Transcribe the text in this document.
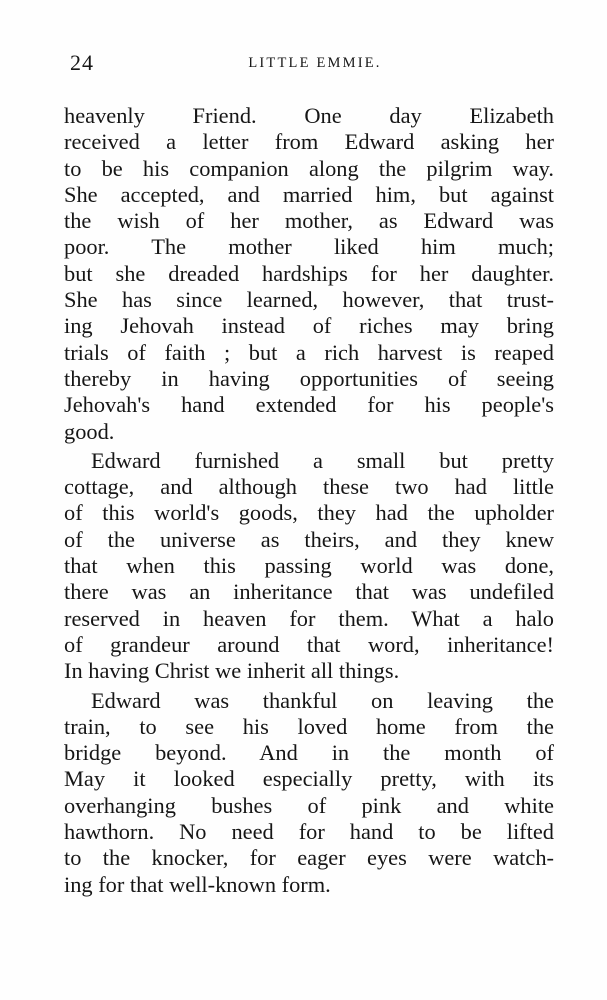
24	LITTLE EMMIE.
heavenly Friend. One day Elizabeth
received a letter from Edward asking her
to be his companion along the pilgrim way.
She accepted, and married him, but against
the wish of her mother, as Edward was
poor. The mother liked him much;
but she dreaded hardships for her daughter.
She has since learned, however, that trust-
ing Jehovah instead of riches may bring
trials of faith ; but a rich harvest is reaped
thereby in having opportunities of seeing
Jehovah's hand extended for his people's
good.
Edward furnished a small but pretty
cottage, and although these two had little
of this world's goods, they had the upholder
of the universe as theirs, and they knew
that when this passing world was done,
there was an inheritance that was undefiled
reserved in heaven for them. What a halo
of grandeur around that word, inheritance!
In having Christ we inherit all things.
Edward was thankful on leaving the
train, to see his loved home from the
bridge beyond. And in the month of
May it looked especially pretty, with its
overhanging bushes of pink and white
hawthorn. No need for hand to be lifted
to the knocker, for eager eyes were watch-
ing for that well-known form.
